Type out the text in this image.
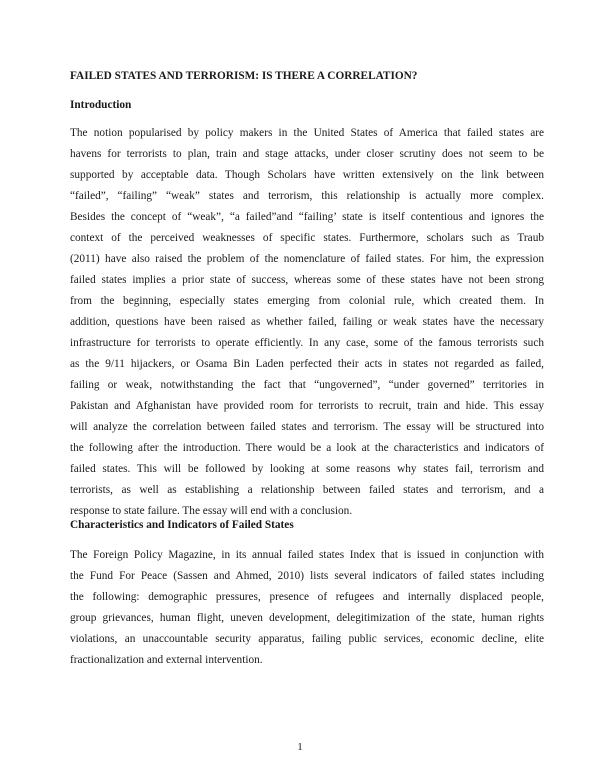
FAILED STATES AND TERRORISM: IS THERE A CORRELATION?

Introduction

The notion popularised by policy makers in the United States of America that failed states are
havens for terrorists to plan, train and stage attacks, under closer scrutiny does not seem to be
supported by acceptable data. Though Scholars have written extensively on the link between
“failed”, “failing” “weak” states and terrorism, this relationship is actually more complex.
Besides the concept of “weak”, “a failed”and “failing’ state is itself contentious and ignores the
context of the perceived weaknesses of specific states. Furthermore, scholars such as Traub
(2011) have also raised the problem of the nomenclature of failed states. For him, the expression
failed states implies a prior state of success, whereas some of these states have not been strong
from the beginning, especially states emerging from colonial rule, which created them. In
addition, questions have been raised as whether failed, failing or weak states have the necessary
infrastructure for terrorists to operate efficiently. In any case, some of the famous terrorists such
as the 9/11 hijackers, or Osama Bin Laden perfected their acts in states not regarded as failed,
failing or weak, notwithstanding the fact that “ungoverned”, “under governed” territories in
Pakistan and Afghanistan have provided room for terrorists to recruit, train and hide. This essay
will analyze the correlation between failed states and terrorism. The essay will be structured into
the following after the introduction. There would be a look at the characteristics and indicators of
failed states. This will be followed by looking at some reasons why states fail, terrorism and
terrorists, as well as establishing a relationship between failed states and terrorism, and a
response to state failure. The essay will end with a conclusion.

Characteristics and Indicators of Failed States

The Foreign Policy Magazine, in its annual failed states Index that is issued in conjunction with
the Fund For Peace (Sassen and Ahmed, 2010) lists several indicators of failed states including
the following: demographic pressures, presence of refugees and internally displaced people,
group grievances, human flight, uneven development, delegitimization of the state, human rights
violations, an unaccountable security apparatus, failing public services, economic decline, elite
fractionalization and external intervention.

1
